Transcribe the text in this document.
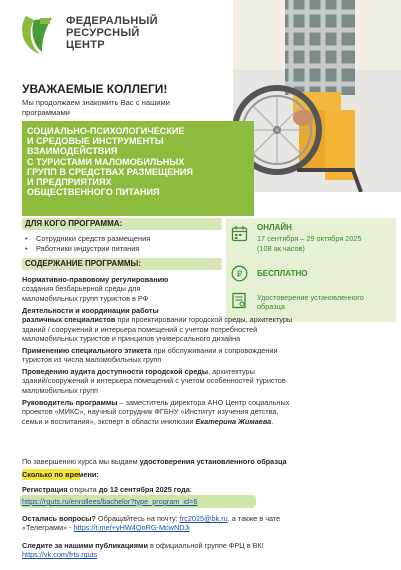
ФЕДЕРАЛЬНЫЙ
РЕСУРСНЫЙ
ЦЕНТР
УВАЖАЕМЫЕ КОЛЛЕГИ!
Мы продолжаем знакомить Вас с нашими
программами
СОЦИАЛЬНО-ПСИХОЛОГИЧЕСКИЕ
И СРЕДОВЫЕ ИНСТРУМЕНТЫ
ВЗАИМОДЕЙСТВИЯ
С ТУРИСТАМИ МАЛОМОБИЛЬНЫХ
ГРУПП В СРЕДСТВАХ РАЗМЕЩЕНИЯ
И ПРЕДПРИЯТИЯХ
ОБЩЕСТВЕННОГО ПИТАНИЯ
ДЛЯ КОГО ПРОГРАММА:
• Сотрудники средств размещения
• Работники индустрии питания
СОДЕРЖАНИЕ ПРОГРАММЫ:
ОНЛАЙН
17 сентября – 29 октября 2025
(108 ак.часов)
₽ БЕСПЛАТНО
Удостоверение установленного
образца
Нормативно-правовому регулированию
создания безбарьерной среды для
маломобильных групп туристов в РФ
Деятельности и координации работы
различных специалистов при проектировании городской среды, архитектуры
зданий / сооружений и интерьера помещений с учетом потребностей
маломобильных туристов и принципов универсального дизайна
Применению специального этикета при обслуживании и сопровождении
туристов из числа маломобильных групп
Проведению аудита доступности городской среды, архитектуры
зданий/сооружений и интерьера помещений с учетом особенностей туристов
маломобильных групп
Руководитель программы – заместитель директора АНО Центр социальных
проектов «МИКС», научный сотрудник ФГБНУ «Институт изучения детства,
семьи и воспитания», эксперт в области инклюзии Екатерина Жимаева.
По завершению курса мы выдаем удостоверения установленного образца
Сколько по времени:
Регистрация открыта до 12 сентября 2025 года:
https://rguts.ru/enrollees/bachelor?type_program_id=6
Остались вопросы? Обращайтесь на почту: frc2025@bk.ru, а также в чате
«Телеграмм» - https://t.me/+yHW4QoRG-McwNDJi
Следите за нашими публикациями в официальной группе ФРЦ в ВК!
https://vk.com/frts.rguts
